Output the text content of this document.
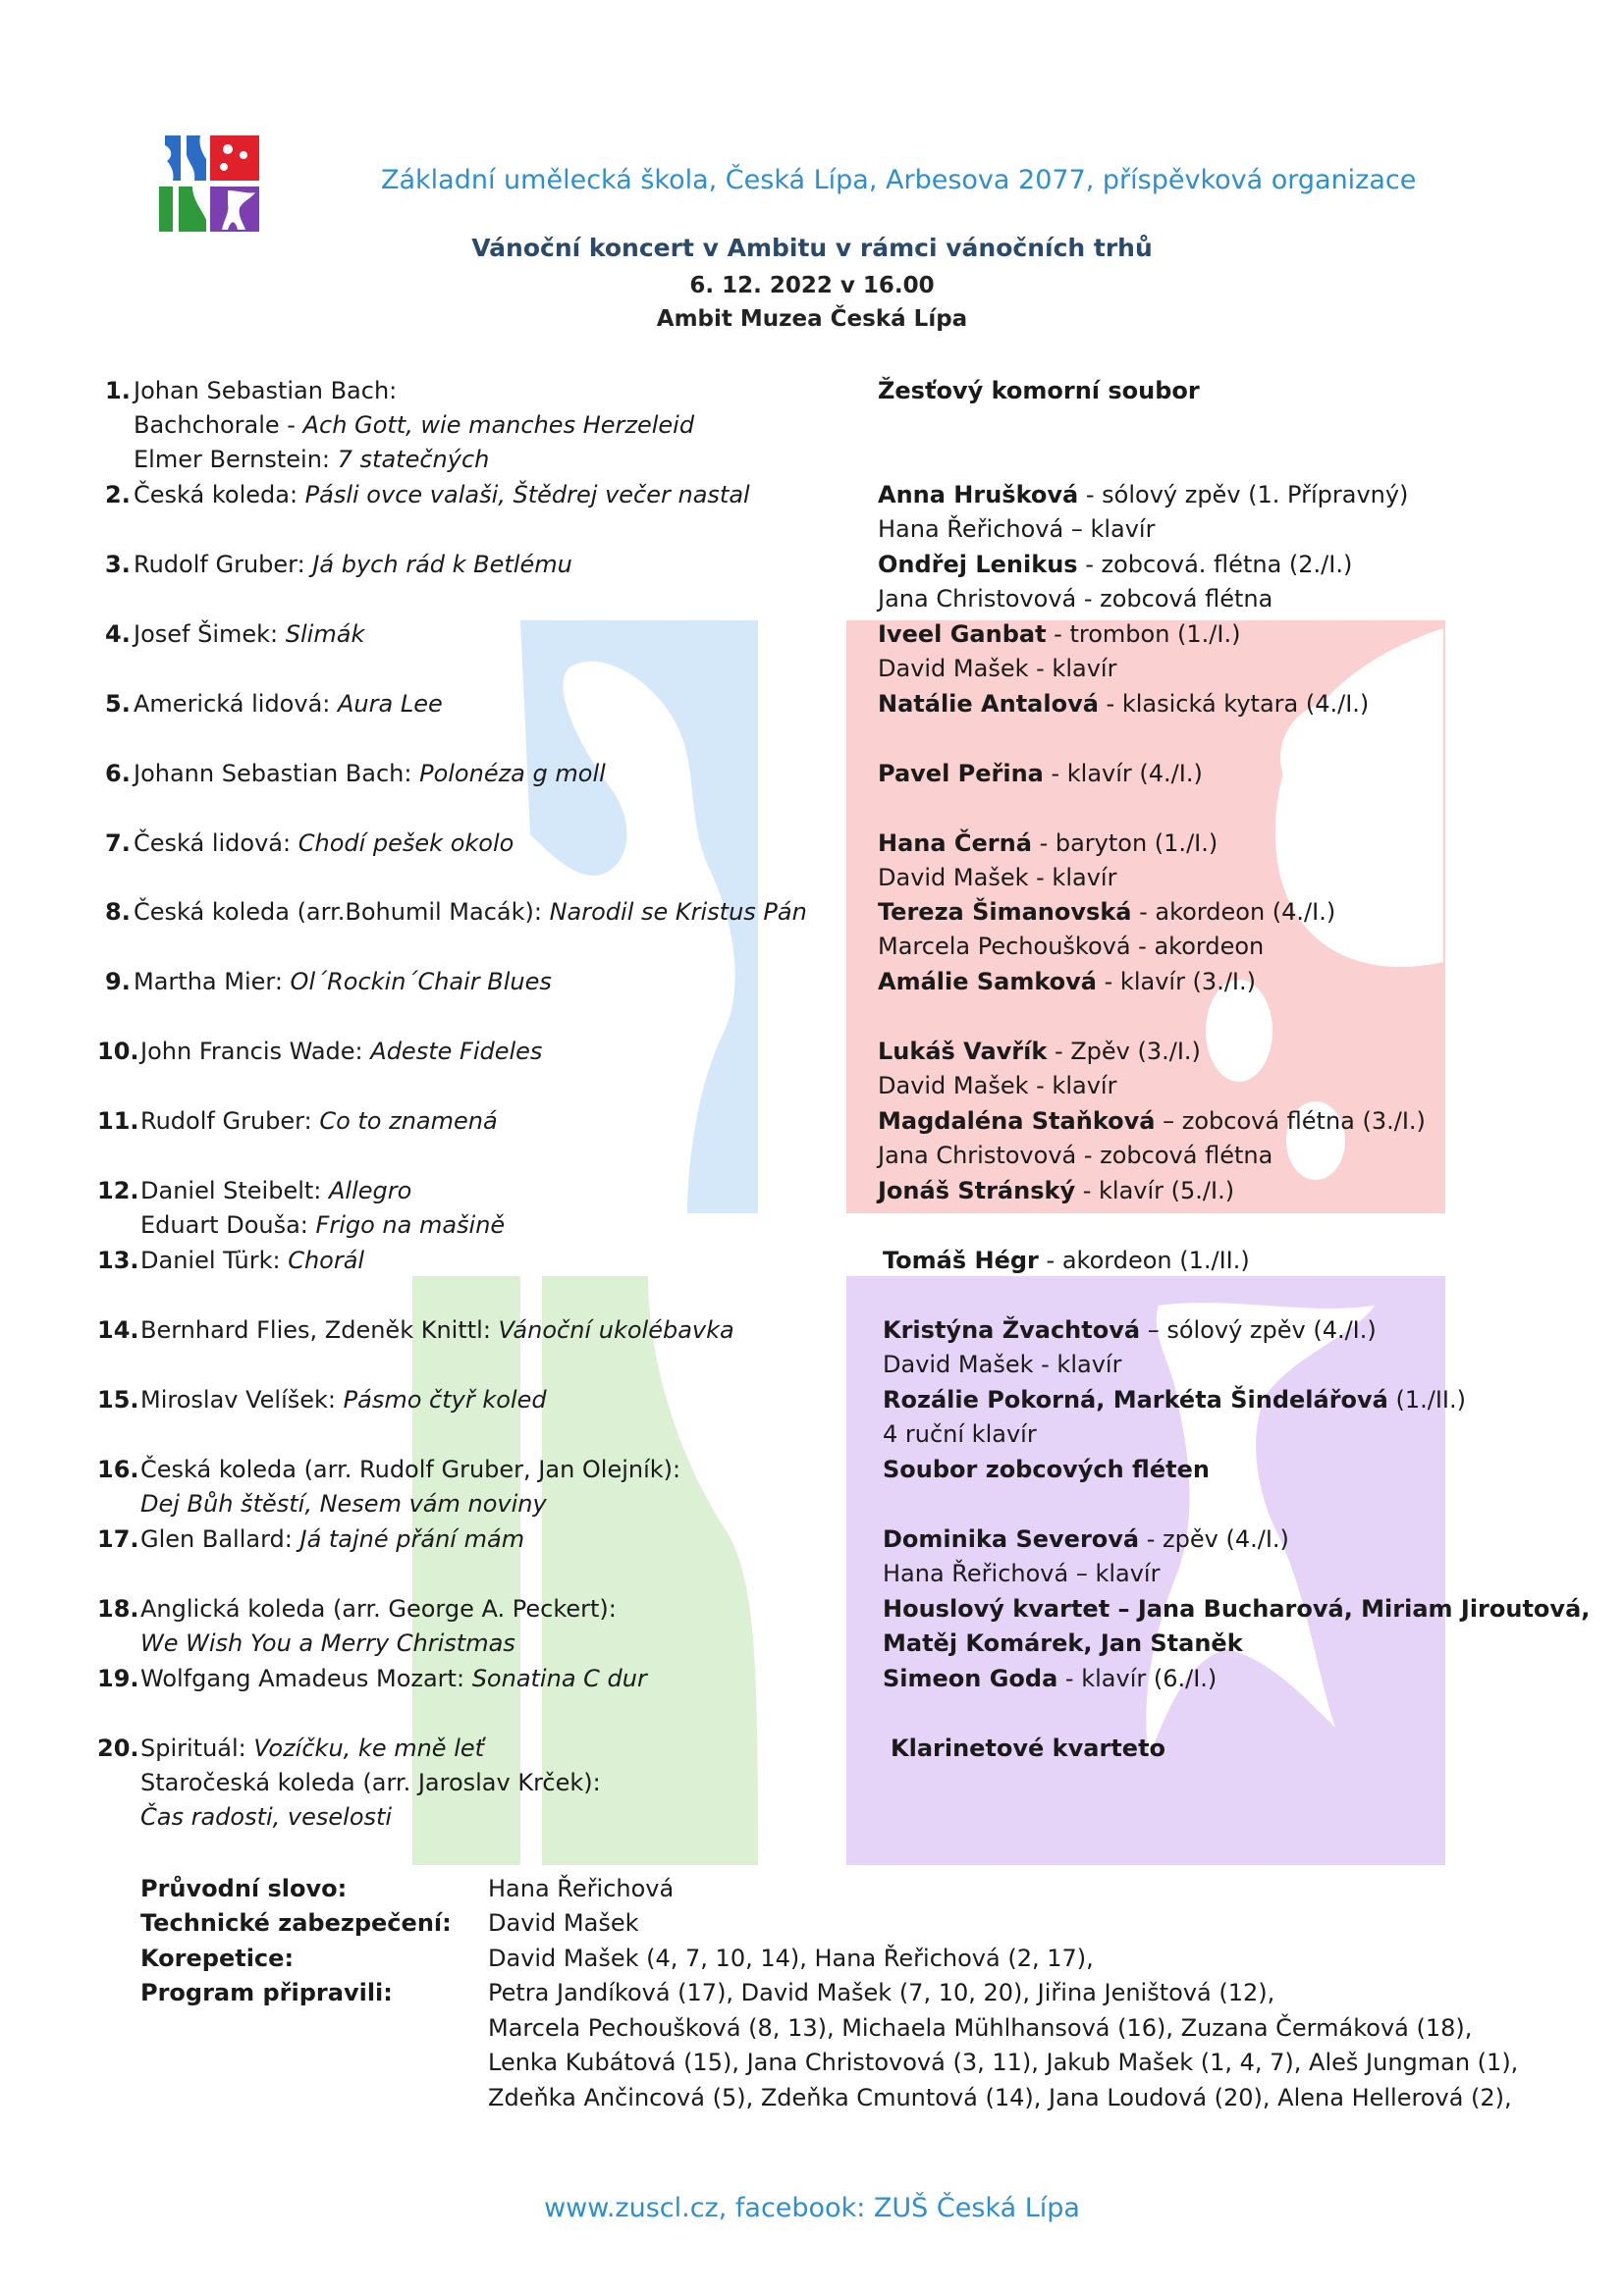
Základní umělecká škola, Česká Lípa, Arbesova 2077, příspěvková organizace
Vánoční koncert v Ambitu v rámci vánočních trhů
6. 12. 2022 v 16.00
Ambit Muzea Česká Lípa
1. Johan Sebastian Bach:	Žesťový komorní soubor
Bachchorale - Ach Gott, wie manches Herzeleid
Elmer Bernstein: 7 statečných
2. Česká koleda: Pásli ovce valaši, Štědrej večer nastal	Anna Hrušková - sólový zpěv (1. Přípravný)
Hana Řeřichová – klavír
3. Rudolf Gruber: Já bych rád k Betlému	Ondřej Lenikus - zobcová. flétna (2./I.)
Jana Christovová - zobcová flétna
4. Josef Šimek: Slimák	Iveel Ganbat - trombon (1./I.)
David Mašek - klavír
5. Americká lidová: Aura Lee	Natálie Antalová - klasická kytara (4./I.)
6. Johann Sebastian Bach: Polonéza g moll	Pavel Peřina - klavír (4./I.)
7. Česká lidová: Chodí pešek okolo	Hana Černá - baryton (1./I.)
David Mašek - klavír
8. Česká koleda (arr.Bohumil Macák): Narodil se Kristus Pán	Tereza Šimanovská - akordeon (4./I.)
Marcela Pechoušková - akordeon
9. Martha Mier: Ol´Rockin´Chair Blues	Amálie Samková - klavír (3./I.)
10. John Francis Wade: Adeste Fideles	Lukáš Vavřík - Zpěv (3./I.)
David Mašek - klavír
11. Rudolf Gruber: Co to znamená	Magdaléna Staňková – zobcová flétna (3./I.)
Jana Christovová - zobcová flétna
12. Daniel Steibelt: Allegro	Jonáš Stránský - klavír (5./I.)
Eduart Douša: Frigo na mašině
13. Daniel Türk: Chorál	Tomáš Hégr - akordeon (1./II.)
14. Bernhard Flies, Zdeněk Knittl: Vánoční ukolébavka	Kristýna Žvachtová – sólový zpěv (4./I.)
David Mašek - klavír
15. Miroslav Velíšek: Pásmo čtyř koled	Rozálie Pokorná, Markéta Šindelářová (1./II.)
4 ruční klavír
16. Česká koleda (arr. Rudolf Gruber, Jan Olejník):	Soubor zobcových fléten
Dej Bůh štěstí, Nesem vám noviny
17. Glen Ballard: Já tajné přání mám	Dominika Severová - zpěv (4./I.)
Hana Řeřichová – klavír
18. Anglická koleda (arr. George A. Peckert):	Houslový kvartet – Jana Bucharová, Miriam Jiroutová,
We Wish You a Merry Christmas	Matěj Komárek, Jan Staněk
19. Wolfgang Amadeus Mozart: Sonatina C dur	Simeon Goda - klavír (6./I.)
20. Spirituál: Vozíčku, ke mně leť	Klarinetové kvarteto
Staročeská koleda (arr. Jaroslav Krček):
Čas radosti, veselosti
Průvodní slovo:	Hana Řeřichová
Technické zabezpečení: David Mašek
Korepetice:	David Mašek (4, 7, 10, 14), Hana Řeřichová (2, 17),
Program připravili:	Petra Jandíková (17), David Mašek (7, 10, 20), Jiřina Jeništová (12),
Marcela Pechoušková (8, 13), Michaela Mühlhansová (16), Zuzana Čermáková (18),
Lenka Kubátová (15), Jana Christovová (3, 11), Jakub Mašek (1, 4, 7), Aleš Jungman (1),
Zdeňka Ančincová (5), Zdeňka Cmuntová (14), Jana Loudová (20), Alena Hellerová (2),
www.zuscl.cz, facebook: ZUŠ Česká Lípa
